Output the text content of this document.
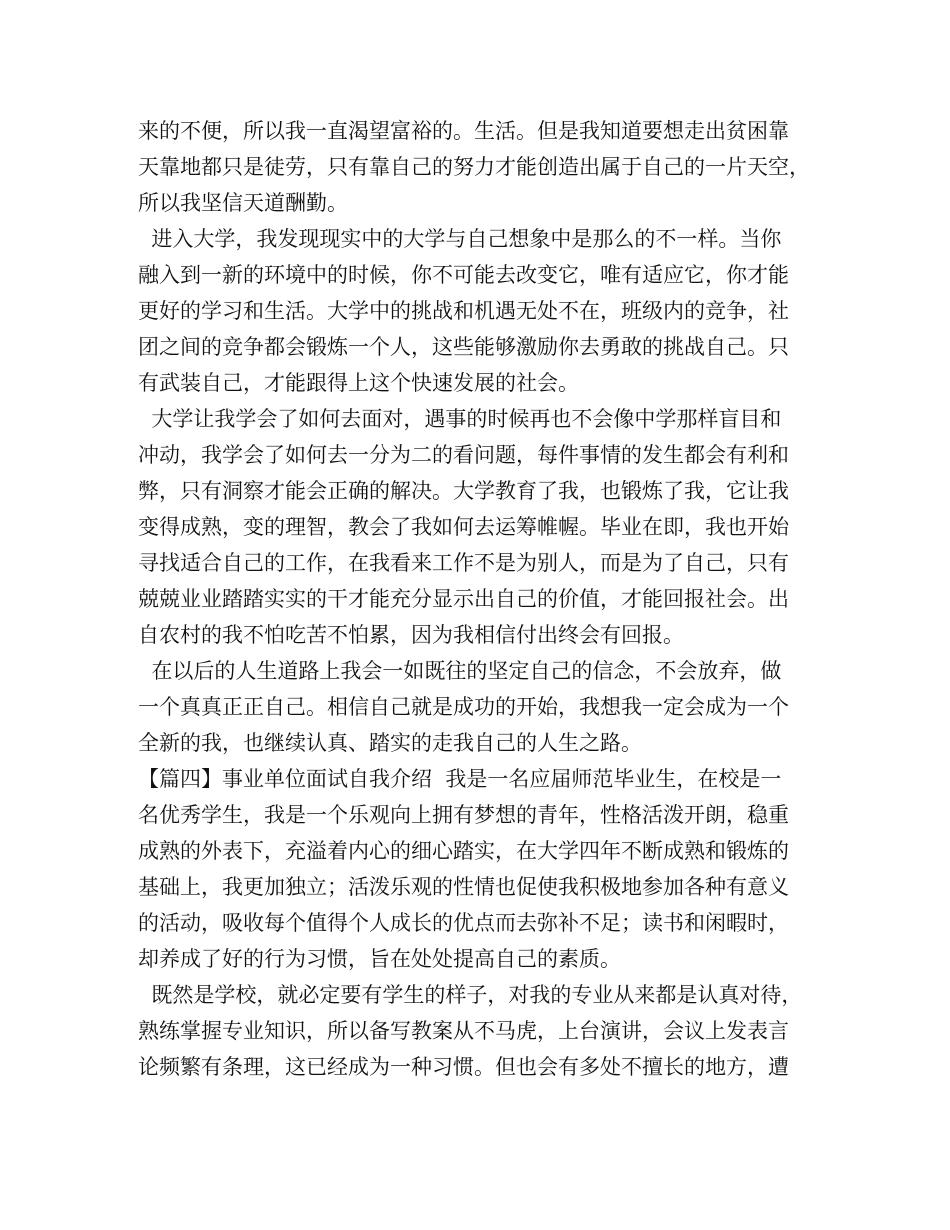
来的不便，所以我一直渴望富裕的。生活。但是我知道要想走出贫困靠
天靠地都只是徒劳，只有靠自己的努力才能创造出属于自己的一片天空，
所以我坚信天道酬勤。
进入大学，我发现现实中的大学与自己想象中是那么的不一样。当你
融入到一新的环境中的时候，你不可能去改变它，唯有适应它，你才能
更好的学习和生活。大学中的挑战和机遇无处不在，班级内的竞争，社
团之间的竞争都会锻炼一个人，这些能够激励你去勇敢的挑战自己。只
有武装自己，才能跟得上这个快速发展的社会。
大学让我学会了如何去面对，遇事的时候再也不会像中学那样盲目和
冲动，我学会了如何去一分为二的看问题，每件事情的发生都会有利和
弊，只有洞察才能会正确的解决。大学教育了我，也锻炼了我，它让我
变得成熟，变的理智，教会了我如何去运筹帷幄。毕业在即，我也开始
寻找适合自己的工作，在我看来工作不是为别人，而是为了自己，只有
兢兢业业踏踏实实的干才能充分显示出自己的价值，才能回报社会。出
自农村的我不怕吃苦不怕累，因为我相信付出终会有回报。
在以后的人生道路上我会一如既往的坚定自己的信念，不会放弃，做
一个真真正正自己。相信自己就是成功的开始，我想我一定会成为一个
全新的我，也继续认真、踏实的走我自己的人生之路。
【篇四】事业单位面试自我介绍  我是一名应届师范毕业生，在校是一
名优秀学生，我是一个乐观向上拥有梦想的青年，性格活泼开朗，稳重
成熟的外表下，充溢着内心的细心踏实，在大学四年不断成熟和锻炼的
基础上，我更加独立；活泼乐观的性情也促使我积极地参加各种有意义
的活动，吸收每个值得个人成长的优点而去弥补不足；读书和闲暇时，
却养成了好的行为习惯，旨在处处提高自己的素质。
既然是学校，就必定要有学生的样子，对我的专业从来都是认真对待，
熟练掌握专业知识，所以备写教案从不马虎，上台演讲，会议上发表言
论频繁有条理，这已经成为一种习惯。但也会有多处不擅长的地方，遭
